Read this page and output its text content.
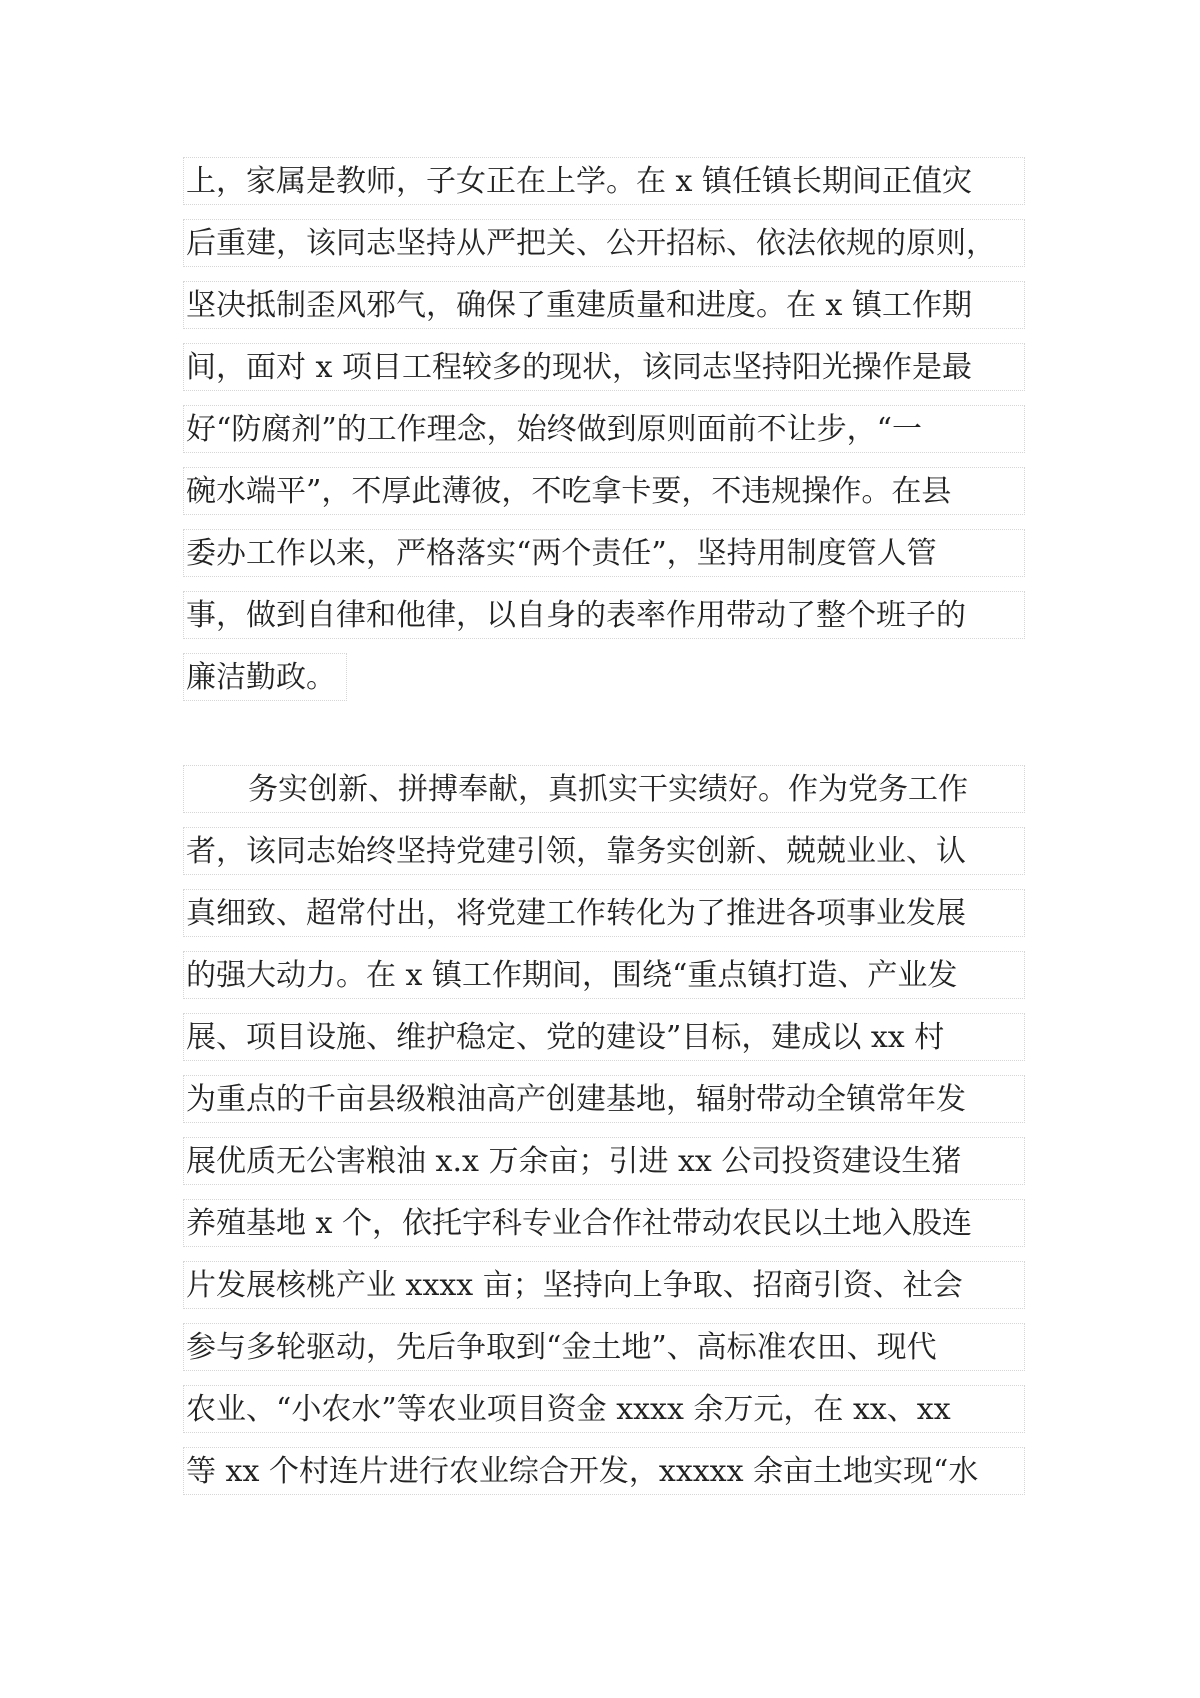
上，家属是教师，子女正在上学。在 x 镇任镇长期间正值灾
后重建，该同志坚持从严把关、公开招标、依法依规的原则，
坚决抵制歪风邪气，确保了重建质量和进度。在 x 镇工作期
间，面对 x 项目工程较多的现状，该同志坚持阳光操作是最
好“防腐剂”的工作理念，始终做到原则面前不让步，“一
碗水端平”，不厚此薄彼，不吃拿卡要，不违规操作。在县
委办工作以来，严格落实“两个责任”，坚持用制度管人管
事，做到自律和他律，以自身的表率作用带动了整个班子的
廉洁勤政。
务实创新、拼搏奉献，真抓实干实绩好。作为党务工作
者，该同志始终坚持党建引领，靠务实创新、兢兢业业、认
真细致、超常付出，将党建工作转化为了推进各项事业发展
的强大动力。在 x 镇工作期间，围绕“重点镇打造、产业发
展、项目设施、维护稳定、党的建设”目标，建成以 xx 村
为重点的千亩县级粮油高产创建基地，辐射带动全镇常年发
展优质无公害粮油 x.x 万余亩；引进 xx 公司投资建设生猪
养殖基地 x 个，依托宇科专业合作社带动农民以土地入股连
片发展核桃产业 xxxx 亩；坚持向上争取、招商引资、社会
参与多轮驱动，先后争取到“金土地”、高标准农田、现代
农业、“小农水”等农业项目资金 xxxx 余万元，在 xx、xx
等 xx 个村连片进行农业综合开发，xxxxx 余亩土地实现“水
